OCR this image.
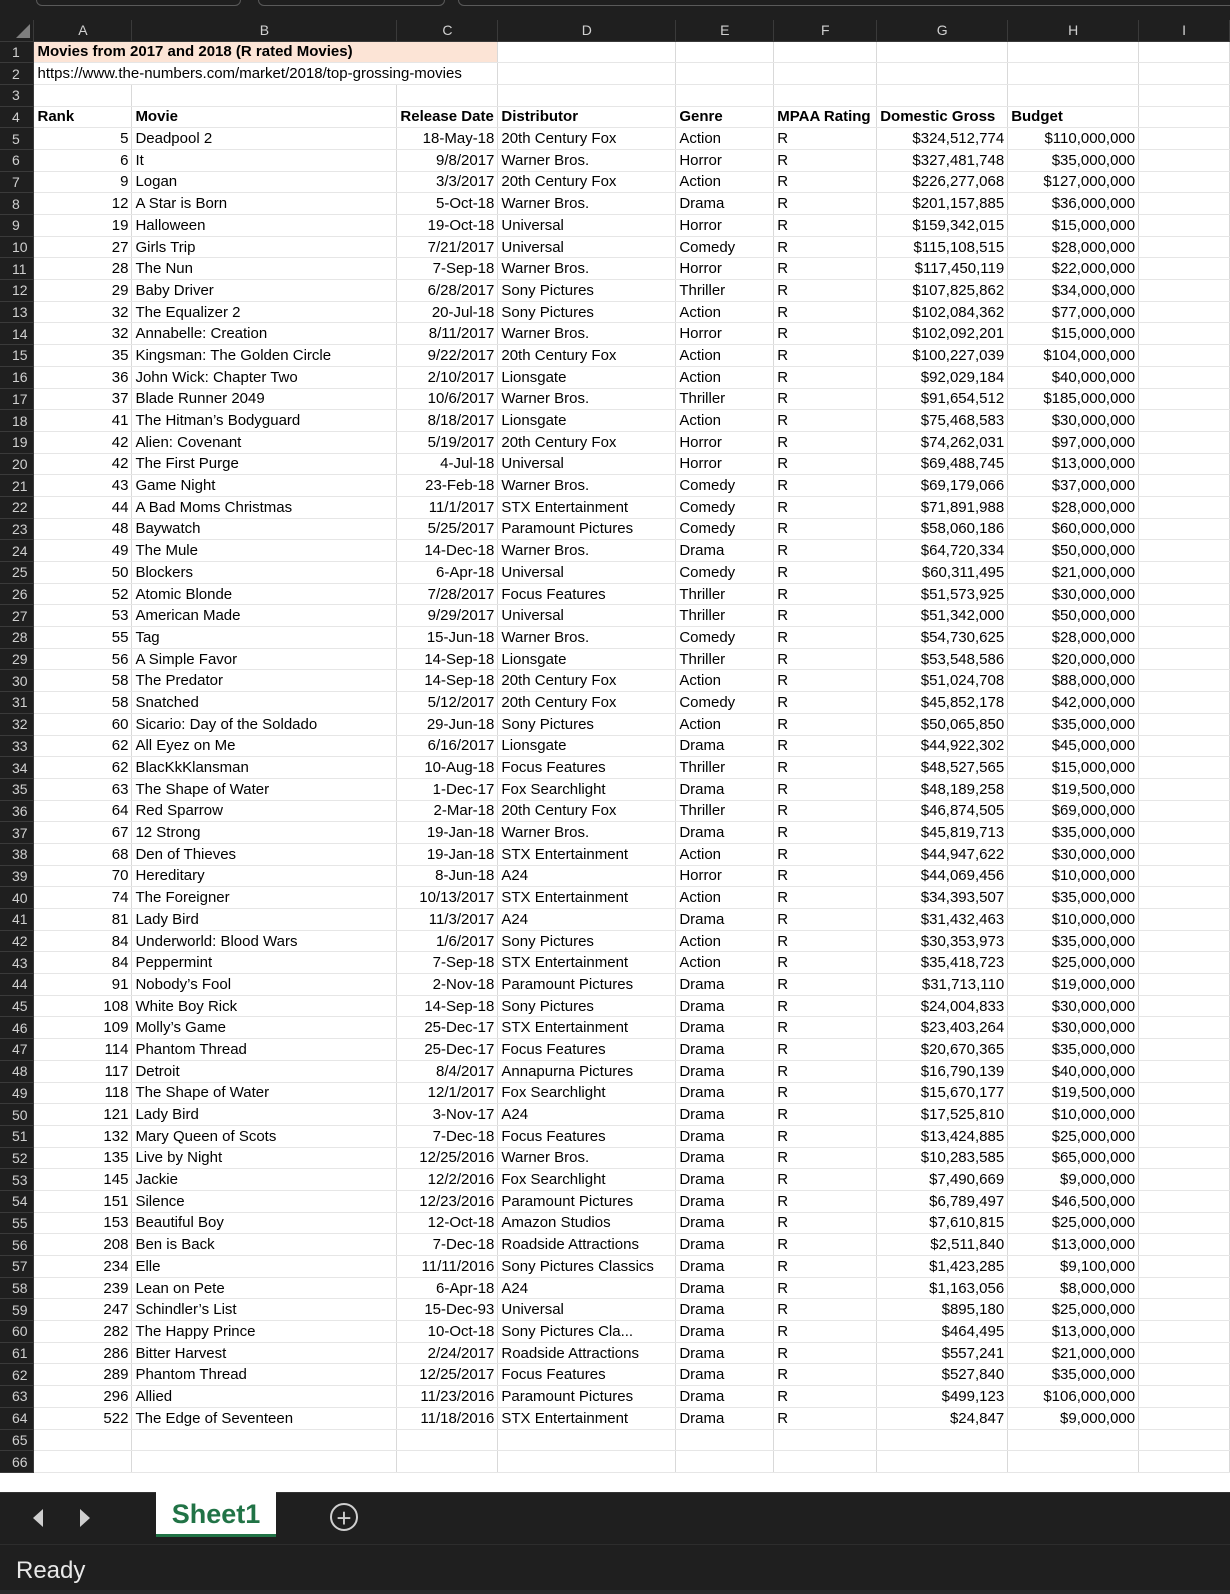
	A	B	C	D	E	F	G	H	I
1	Movies from 2017 and 2018 (R rated Movies)								
2	https://www.the-numbers.com/market/2018/top-grossing-movies								
3									
4	Rank	Movie	Release Date	Distributor	Genre	MPAA Rating	Domestic Gross	Budget	
5	5	Deadpool 2	18-May-18	20th Century Fox	Action	R	$324,512,774	$110,000,000	
6	6	It	9/8/2017	Warner Bros.	Horror	R	$327,481,748	$35,000,000	
7	9	Logan	3/3/2017	20th Century Fox	Action	R	$226,277,068	$127,000,000	
8	12	A Star is Born	5-Oct-18	Warner Bros.	Drama	R	$201,157,885	$36,000,000	
9	19	Halloween	19-Oct-18	Universal	Horror	R	$159,342,015	$15,000,000	
10	27	Girls Trip	7/21/2017	Universal	Comedy	R	$115,108,515	$28,000,000	
11	28	The Nun	7-Sep-18	Warner Bros.	Horror	R	$117,450,119	$22,000,000	
12	29	Baby Driver	6/28/2017	Sony Pictures	Thriller	R	$107,825,862	$34,000,000	
13	32	The Equalizer 2	20-Jul-18	Sony Pictures	Action	R	$102,084,362	$77,000,000	
14	32	Annabelle: Creation	8/11/2017	Warner Bros.	Horror	R	$102,092,201	$15,000,000	
15	35	Kingsman: The Golden Circle	9/22/2017	20th Century Fox	Action	R	$100,227,039	$104,000,000	
16	36	John Wick: Chapter Two	2/10/2017	Lionsgate	Action	R	$92,029,184	$40,000,000	
17	37	Blade Runner 2049	10/6/2017	Warner Bros.	Thriller	R	$91,654,512	$185,000,000	
18	41	The Hitman’s Bodyguard	8/18/2017	Lionsgate	Action	R	$75,468,583	$30,000,000	
19	42	Alien: Covenant	5/19/2017	20th Century Fox	Horror	R	$74,262,031	$97,000,000	
20	42	The First Purge	4-Jul-18	Universal	Horror	R	$69,488,745	$13,000,000	
21	43	Game Night	23-Feb-18	Warner Bros.	Comedy	R	$69,179,066	$37,000,000	
22	44	A Bad Moms Christmas	11/1/2017	STX Entertainment	Comedy	R	$71,891,988	$28,000,000	
23	48	Baywatch	5/25/2017	Paramount Pictures	Comedy	R	$58,060,186	$60,000,000	
24	49	The Mule	14-Dec-18	Warner Bros.	Drama	R	$64,720,334	$50,000,000	
25	50	Blockers	6-Apr-18	Universal	Comedy	R	$60,311,495	$21,000,000	
26	52	Atomic Blonde	7/28/2017	Focus Features	Thriller	R	$51,573,925	$30,000,000	
27	53	American Made	9/29/2017	Universal	Thriller	R	$51,342,000	$50,000,000	
28	55	Tag	15-Jun-18	Warner Bros.	Comedy	R	$54,730,625	$28,000,000	
29	56	A Simple Favor	14-Sep-18	Lionsgate	Thriller	R	$53,548,586	$20,000,000	
30	58	The Predator	14-Sep-18	20th Century Fox	Action	R	$51,024,708	$88,000,000	
31	58	Snatched	5/12/2017	20th Century Fox	Comedy	R	$45,852,178	$42,000,000	
32	60	Sicario: Day of the Soldado	29-Jun-18	Sony Pictures	Action	R	$50,065,850	$35,000,000	
33	62	All Eyez on Me	6/16/2017	Lionsgate	Drama	R	$44,922,302	$45,000,000	
34	62	BlacKkKlansman	10-Aug-18	Focus Features	Thriller	R	$48,527,565	$15,000,000	
35	63	The Shape of Water	1-Dec-17	Fox Searchlight	Drama	R	$48,189,258	$19,500,000	
36	64	Red Sparrow	2-Mar-18	20th Century Fox	Thriller	R	$46,874,505	$69,000,000	
37	67	12 Strong	19-Jan-18	Warner Bros.	Drama	R	$45,819,713	$35,000,000	
38	68	Den of Thieves	19-Jan-18	STX Entertainment	Action	R	$44,947,622	$30,000,000	
39	70	Hereditary	8-Jun-18	A24	Horror	R	$44,069,456	$10,000,000	
40	74	The Foreigner	10/13/2017	STX Entertainment	Action	R	$34,393,507	$35,000,000	
41	81	Lady Bird	11/3/2017	A24	Drama	R	$31,432,463	$10,000,000	
42	84	Underworld: Blood Wars	1/6/2017	Sony Pictures	Action	R	$30,353,973	$35,000,000	
43	84	Peppermint	7-Sep-18	STX Entertainment	Action	R	$35,418,723	$25,000,000	
44	91	Nobody’s Fool	2-Nov-18	Paramount Pictures	Drama	R	$31,713,110	$19,000,000	
45	108	White Boy Rick	14-Sep-18	Sony Pictures	Drama	R	$24,004,833	$30,000,000	
46	109	Molly’s Game	25-Dec-17	STX Entertainment	Drama	R	$23,403,264	$30,000,000	
47	114	Phantom Thread	25-Dec-17	Focus Features	Drama	R	$20,670,365	$35,000,000	
48	117	Detroit	8/4/2017	Annapurna Pictures	Drama	R	$16,790,139	$40,000,000	
49	118	The Shape of Water	12/1/2017	Fox Searchlight	Drama	R	$15,670,177	$19,500,000	
50	121	Lady Bird	3-Nov-17	A24	Drama	R	$17,525,810	$10,000,000	
51	132	Mary Queen of Scots	7-Dec-18	Focus Features	Drama	R	$13,424,885	$25,000,000	
52	135	Live by Night	12/25/2016	Warner Bros.	Drama	R	$10,283,585	$65,000,000	
53	145	Jackie	12/2/2016	Fox Searchlight	Drama	R	$7,490,669	$9,000,000	
54	151	Silence	12/23/2016	Paramount Pictures	Drama	R	$6,789,497	$46,500,000	
55	153	Beautiful Boy	12-Oct-18	Amazon Studios	Drama	R	$7,610,815	$25,000,000	
56	208	Ben is Back	7-Dec-18	Roadside Attractions	Drama	R	$2,511,840	$13,000,000	
57	234	Elle	11/11/2016	Sony Pictures Classics	Drama	R	$1,423,285	$9,100,000	
58	239	Lean on Pete	6-Apr-18	A24	Drama	R	$1,163,056	$8,000,000	
59	247	Schindler’s List	15-Dec-93	Universal	Drama	R	$895,180	$25,000,000	
60	282	The Happy Prince	10-Oct-18	Sony Pictures Cla...	Drama	R	$464,495	$13,000,000	
61	286	Bitter Harvest	2/24/2017	Roadside Attractions	Drama	R	$557,241	$21,000,000	
62	289	Phantom Thread	12/25/2017	Focus Features	Drama	R	$527,840	$35,000,000	
63	296	Allied	11/23/2016	Paramount Pictures	Drama	R	$499,123	$106,000,000	
64	522	The Edge of Seventeen	11/18/2016	STX Entertainment	Drama	R	$24,847	$9,000,000	
65									
66									
Sheet1	+
Ready
